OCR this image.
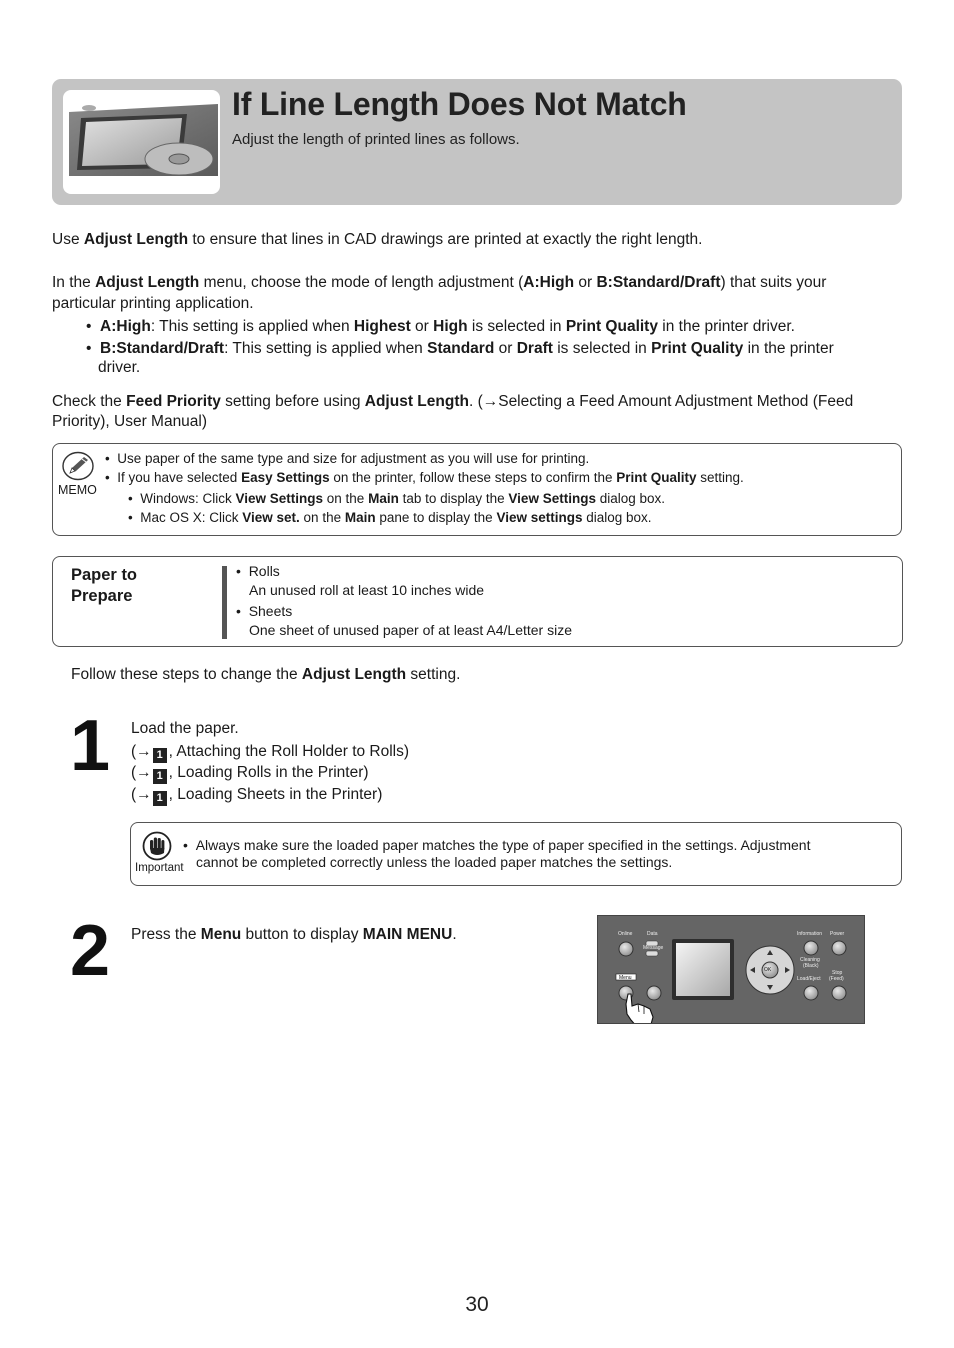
If Line Length Does Not Match
Adjust the length of printed lines as follows.
Use Adjust Length to ensure that lines in CAD drawings are printed at exactly the right length.
In the Adjust Length menu, choose the mode of length adjustment (A:High or B:Standard/Draft) that suits your
particular printing application.
•  A:High: This setting is applied when Highest or High is selected in Print Quality in the printer driver.
•  B:Standard/Draft: This setting is applied when Standard or Draft is selected in Print Quality in the printer
driver.
Check the Feed Priority setting before using Adjust Length. (→Selecting a Feed Amount Adjustment Method (Feed
Priority), User Manual)
MEMO
•  Use paper of the same type and size for adjustment as you will use for printing.
•  If you have selected Easy Settings on the printer, follow these steps to confirm the Print Quality setting.
•  Windows: Click View Settings on the Main tab to display the View Settings dialog box.
•  Mac OS X: Click View set. on the Main pane to display the View settings dialog box.
Paper to
Prepare
•  Rolls
An unused roll at least 10 inches wide
•  Sheets
One sheet of unused paper of at least A4/Letter size
Follow these steps to change the Adjust Length setting.
1 Load the paper.
(→ 1 , Attaching the Roll Holder to Rolls)
(→ 1 , Loading Rolls in the Printer)
(→ 1 , Loading Sheets in the Printer)
Important
•  Always make sure the loaded paper matches the type of paper specified in the settings. Adjustment
cannot be completed correctly unless the loaded paper matches the settings.
2 Press the Menu button to display MAIN MENU.	Online	Data
Message
Information Power
Cleaning
(Black)
Load/Eject
Stop
(Feed)
Menu
OK
30
